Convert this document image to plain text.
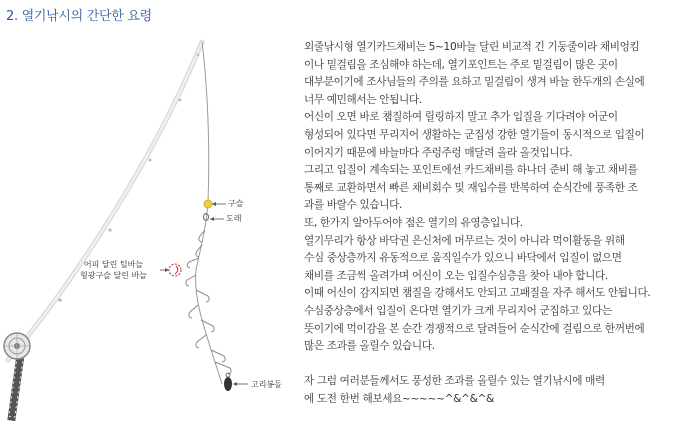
2. 열기낚시의 간단한 요령
구슬
도래
어피 달린 털바늘
형광구슬 달린 바늘
고리봉돌

외줄낚시형 열기카드채비는 5~10바늘 달린 비교적 긴 기둥줄이라 채비엉킴

이나 밑걸림을 조심해야 하는데, 열기포인트는 주로 밑걸림이 많은 곳이

대부분이기에 조사님들의 주의를 요하고 밑걸림이 생겨 바늘 한두개의 손실에

너무 예민해서는 안됩니다.

어신이 오면 바로 챔질하여 릴링하지 말고 추가 입질을 기다려야 어군이

형성되어 있다면 무리지어 생활하는 군집성 강한 열기들이 동시적으로 입질이

이어지기 때문에 바늘마다 주렁주렁 매달려 올라 올것입니다.

그리고 입질이 계속되는 포인트에선 카드채비를 하나더 준비 해 놓고 채비를

통째로 교환하면서 빠른 채비회수 및 재입수를 반복하여 순식간에 풍족한 조

과를 바랄수 있습니다.

또, 한가지 알아두어야 점은 열기의 유영층입니다.

열기무리가 항상 바닥권 은신처에 머무르는 것이 아니라 먹이활동을 위해

수심 중상층까지 유동적으로 움직일수가 있으니 바닥에서 입질이 없으면

채비를 조금씩 올려가며 어신이 오는 입질수심층을 찾아 내야 합니다.

이때 어신이 감지되면 챔질을 강해서도 안되고 고패질을 자주 해서도 안됩니다.

수심중상층에서 입질이 온다면 열기가 크게 무리지어 군집하고 있다는

뜻이기에 먹이감을 본 순간 경쟁적으로 달려들어 순식간에 걸림으로 한꺼번에

많은 조과를 올릴수 있습니다.

자 그럼 여러분들께서도 풍성한 조과를 올릴수 있는 열기낚시에 매력

에 도전 한번 해보세요~~~~~^&^&^&
